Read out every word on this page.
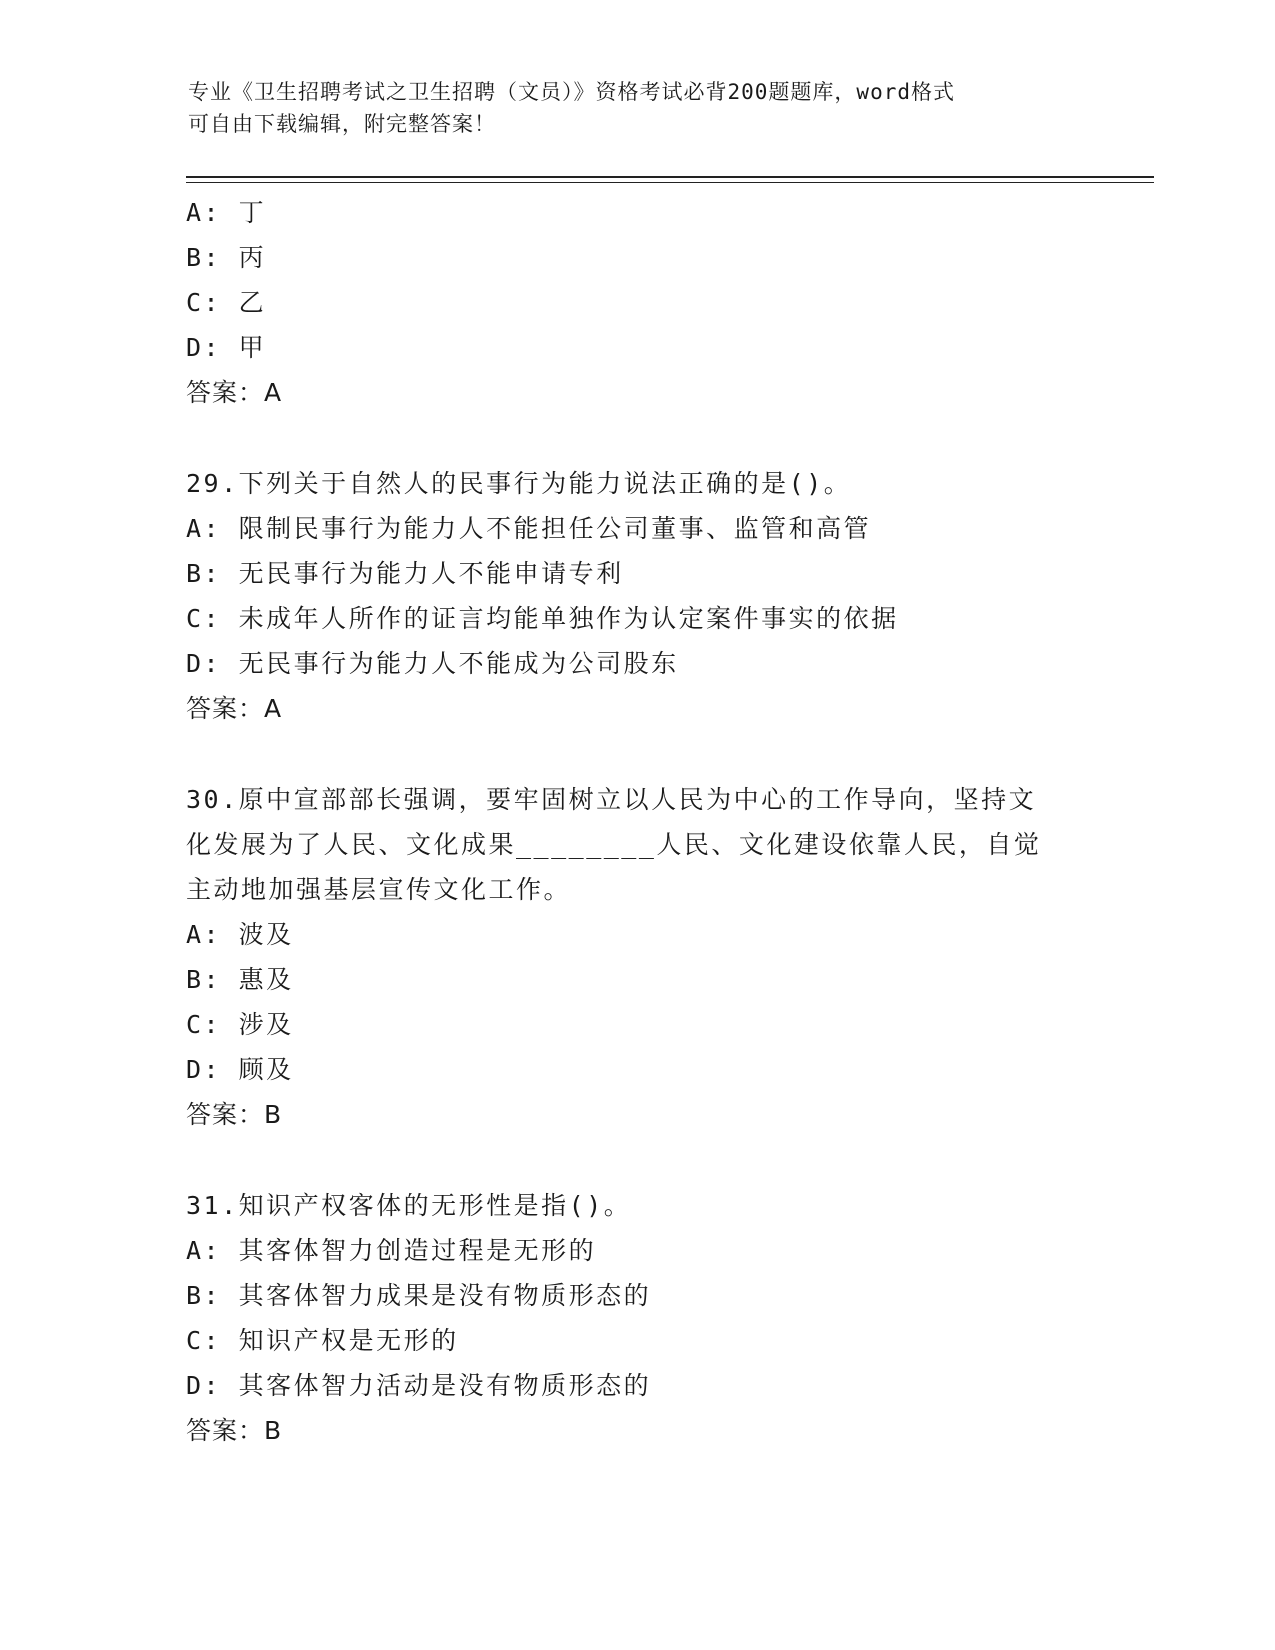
专业《卫生招聘考试之卫生招聘（文员）》资格考试必背200题题库，word格式
可自由下载编辑，附完整答案！
A: 丁
B: 丙
C: 乙
D: 甲
答案：A
29.下列关于自然人的民事行为能力说法正确的是()。
A: 限制民事行为能力人不能担任公司董事、监管和高管
B: 无民事行为能力人不能申请专利
C: 未成年人所作的证言均能单独作为认定案件事实的依据
D: 无民事行为能力人不能成为公司股东
答案：A
30.原中宣部部长强调，要牢固树立以人民为中心的工作导向，坚持文
化发展为了人民、文化成果________人民、文化建设依靠人民，自觉
主动地加强基层宣传文化工作。
A: 波及
B: 惠及
C: 涉及
D: 顾及
答案：B
31.知识产权客体的无形性是指()。
A: 其客体智力创造过程是无形的
B: 其客体智力成果是没有物质形态的
C: 知识产权是无形的
D: 其客体智力活动是没有物质形态的
答案：B
